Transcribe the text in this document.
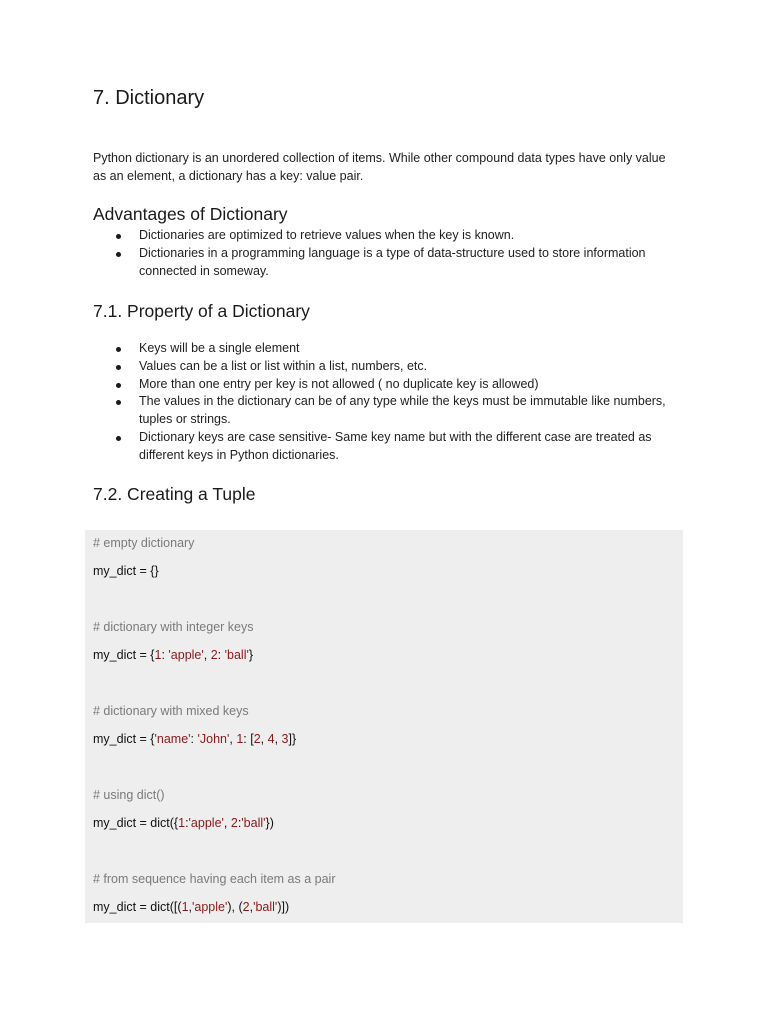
7. Dictionary

Python dictionary is an unordered collection of items. While other compound data types have only value as an element, a dictionary has a key: value pair.

Advantages of Dictionary
Dictionaries are optimized to retrieve values when the key is known.
Dictionaries in a programming language is a type of data-structure used to store information connected in someway.
7.1. Property of a Dictionary
Keys will be a single element
Values can be a list or list within a list, numbers, etc.
More than one entry per key is not allowed ( no duplicate key is allowed)
The values in the dictionary can be of any type while the keys must be immutable like numbers, tuples or strings.
Dictionary keys are case sensitive- Same key name but with the different case are treated as different keys in Python dictionaries.
7.2. Creating a Tuple
# empty dictionary
my_dict = {}
# dictionary with integer keys
my_dict = {1: 'apple', 2: 'ball'}
# dictionary with mixed keys
my_dict = {'name': 'John', 1: [2, 4, 3]}
# using dict()
my_dict = dict({1:'apple', 2:'ball'})
# from sequence having each item as a pair
my_dict = dict([(1,'apple'), (2,'ball')])
